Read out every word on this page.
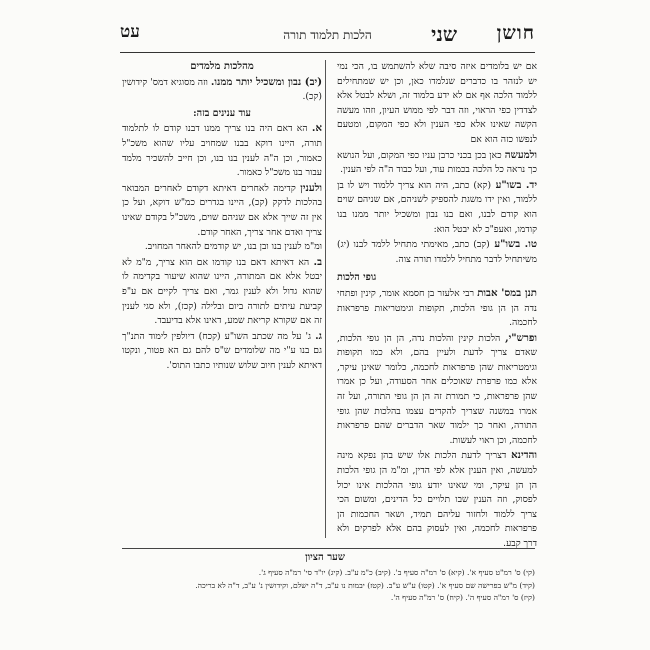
חושן
שני
הלכות תלמוד תורה
עט

אם יש בלומדים איזה סיבה שלא להשתמש בו, הכי נמי יש לנזהר בו כדברים שנלמדו כאן, וכן יש שמתחילים ללמוד הלכה אף אם לא ידע בלמוד זה, ושלא לבטל אלא לצדדין כפי הראוי, וזה דבר לפי ממוש העיון, וזהו מעשה הקשה שאינו אלא כפי הענין ולא כפי המקום, ומטעם לנפשו כזה הוא אם

ולמעשה כאן בכן בכני כרבן עניו כפי המקום, ועל הנושא כך נראה כל הלכה בכמות עוד, ועל כבוד ה"ה לפי הענין.

יד. בשו"ע (קא) כתב, היה הוא צריך ללמוד ויש לו בן ללמוד, ואין ידו משגת להספיק לשניהם, אם שניהם שוים הוא קודם לבנו, ואם בנו נבון ומשכיל יותר ממנו בנו קודמו, ואעפ"כ לא יבטל הוא:

טו. בשו"ע (קב) כתב, מאימתי מתחיל ללמד לבנו (יג) משיתחיל לדבר מתחיל ללמדו תורה צוה.

גופי הלכות

תנן במס' אבות רבי אלעזר בן חסמא אומר, קינין ופתחי נדה הן הן גופי הלכות, תקופות וגימטריאות פרפראות לחכמה.

ופרש"י, הלכות קינין והלכות נדה, הן הן גופי הלכות, שאדם צריך לדעת ולעיין בהם, ולא כמו תקופות וגימטריאות שהן פרפראות לחכמה, כלומר שאינן עיקר, אלא כמו פרפרת שאוכלים אחר הסעודה, ועל כן אמרו שהן פרפראות, כי תמורת זה הן הן גופי התורה, ועל זה אמרו במשנה שצריך להקדים עצמו בהלכות שהן גופי התורה, ואחר כך ילמוד שאר הדברים שהם פרפראות לחכמה, וכן ראוי לעשות.

והדינא דצריך לדעת הלכות אלו שיש בהן נפקא מינה למעשה, ואין הענין אלא לפי הדין, ומ"מ הן גופי הלכות הן הן עיקר, ומי שאינו יודע גופי ההלכות אינו יכול לפסוק, וזה הענין שבו תלויים כל הדינים, ומשום הכי צריך ללמוד ולחזור עליהם תמיד, ושאר החכמות הן פרפראות לחכמה, ואין לעסוק בהם אלא לפרקים ולא דרך קבע.

מהלכות מלמדים

(יב) נבון ומשכיל יותר ממנו. וזה מסוגיא דמס' קידושין (קכ).

עוד ענינים בזה:

א. הא דאם היה בנו צריך ממנו דבנו קודם לו לתלמוד תורה, היינו דוקא בבנו שמחויב עליו שהוא משכ"ל כאמור, וכן ה"ה לענין בנו בנו, וכן חייב להשכיר מלמד עבור בנו משכ"ל כאמור.

ולענין קדימה לאחרים דאיתא דקודם לאחרים המבואר בהלכות לדקק (קכ), היינו בגדרים כמ"ש דוקא, ועל כן אין זה שייך אלא אם שניהם שוים, משכ"ל בקודם שאינו צריך ואדם אחר צריך, האחר קודם.

ומ"מ לענין בנו ובן בנו, יש קודמים להאחר המחויב.

ב. הא דאיתא דאם בנו קודמו אם הוא צריך, מ"מ לא יבטל אלא אם המתורה, היינו שהוא שיעור בקדימה לו שהוא גדול ולא לענין גמר, ואם צריך לקיים אם ע"פ קביעת עיתים לתורה ביום ובלילה (קכז), ולא סגי לענין זה אם שקורא קריאת שמע, דאינו אלא בדיעבד.

ג. ג' על מה שכתב השו"ע (קכח) דיולפין לימוד התנ"ך גם בנו ע"י מה שלומדים ש"ס להם גם הא פטור, ונקטו דאיתא לענין חיוב שלוש שנותיו כתבו התוס'.

שער הציון

(קי) ס' רמ"ט סעיף א'. (קיא) ס' רמ"ה סעיף ב'. (קיב) כ"מ ע"ב. (קיג) יו"ד סי' רמ"ה סעיף ג'.

(קיד) מ"ש בפרישה שם סעיף א'. (קטו) ע"ש ע"ב. (קטז) יבמות נו ע"ב, ד"ה ישלם, וקידושין נ' ע"ב, ד"ה לא בריכה.

(קיז) ס' רמ"ה סעיף ה'. (קיח) ס' רמ"ה סעיף ה'.
